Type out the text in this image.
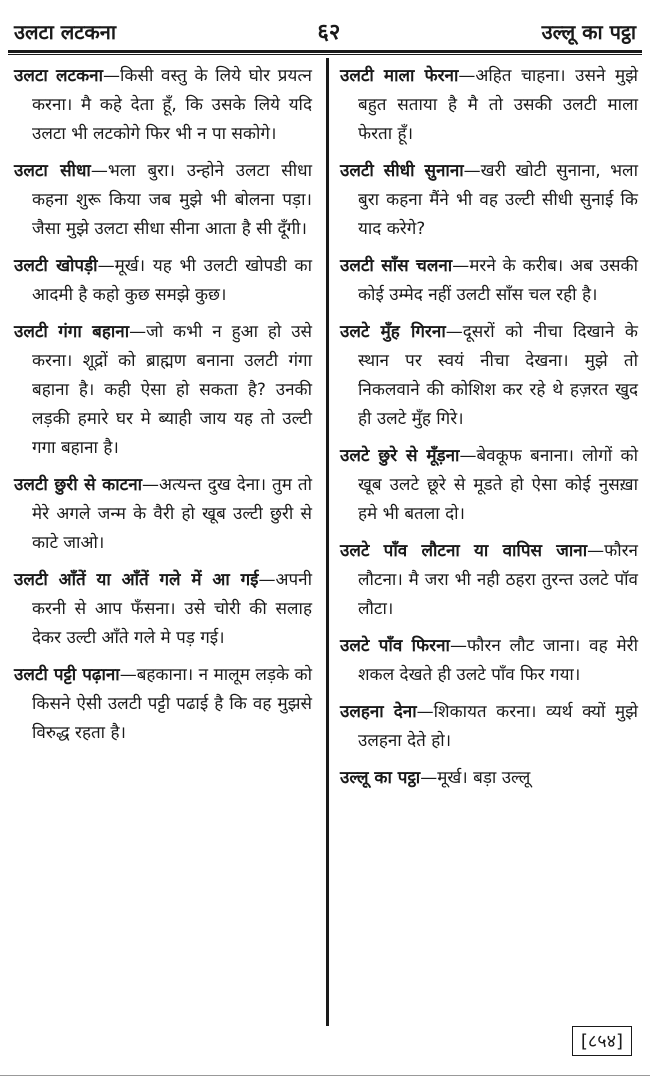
उलटा लटकना	६२	उल्लू का पट्ठा

उलटा लटकना—किसी वस्तु के लिये घोर प्रयत्न करना। मै कहे देता हूँ, कि उसके लिये यदि उलटा भी लटकोगे फिर भी न पा सकोगे।

उलटा सीधा—भला बुरा। उन्होने उलटा सीधा कहना शुरू किया जब मुझे भी बोलना पड़ा। जैसा मुझे उलटा सीधा सीना आता है सी दूँगी।

उलटी खोपड़ी—मूर्ख। यह भी उलटी खोपडी का आदमी है कहो कुछ समझे कुछ।

उलटी गंगा बहाना—जो कभी न हुआ हो उसे करना। शूद्रों को ब्राह्मण बनाना उलटी गंगा बहाना है। कही ऐसा हो सकता है? उनकी लड़की हमारे घर मे ब्याही जाय यह तो उल्टी गगा बहाना है।

उलटी छुरी से काटना—अत्यन्त दुख देना। तुम तो मेरे अगले जन्म के वैरी हो खूब उल्टी छुरी से काटे जाओ।

उलटी ऑंतें या ऑंतें गले में आ गई—अपनी करनी से आप फँसना। उसे चोरी की सलाह देकर उल्टी ऑंते गले मे पड़ गई।

उलटी पट्टी पढ़ाना—बहकाना। न मालूम लड़के को किसने ऐसी उलटी पट्टी पढाई है कि वह मुझसे विरुद्ध रहता है।

उलटी माला फेरना—अहित चाहना। उसने मुझे बहुत सताया है मै तो उसकी उलटी माला फेरता हूँ।

उलटी सीधी सुनाना—खरी खोटी सुनाना, भला बुरा कहना मैंने भी वह उल्टी सीधी सुनाई कि याद करेगे?

उलटी सॉंस चलना—मरने के करीब। अब उसकी कोई उम्मेद नहीं उलटी सॉंस चल रही है।

उलटे मुँह गिरना—दूसरों को नीचा दिखाने के स्थान पर स्वयं नीचा देखना। मुझे तो निकलवाने की कोशिश कर रहे थे हज़रत खुद ही उलटे मुँह गिरे।

उलटे छुरे से मूँड़ना—बेवकूफ बनाना। लोगों को खूब उलटे छूरे से मूडते हो ऐसा कोई नुसख़ा हमे भी बतला दो।

उलटे पॉंव लौटना या वापिस जाना—फौरन लौटना। मै जरा भी नही ठहरा तुरन्त उलटे पॉव लौटा।

उलटे पॉंव फिरना—फौरन लौट जाना। वह मेरी शकल देखते ही उलटे पॉंव फिर गया।

उलहना देना—शिकायत करना। व्यर्थ क्यों मुझे उलहना देते हो।

उल्लू का पट्ठा—मूर्ख। बड़ा उल्लू

[८५४]
